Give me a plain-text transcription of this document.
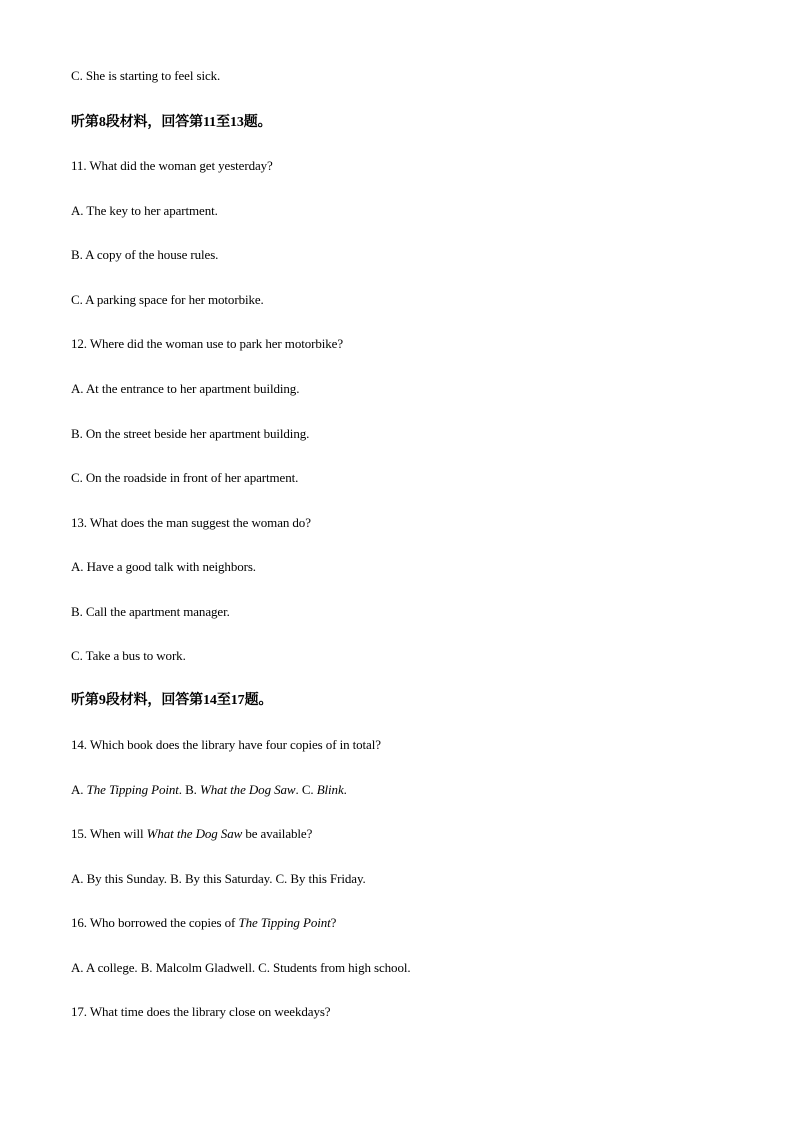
C. She is starting to feel sick.
听第8段材料，回答第11至13题。
11. What did the woman get yesterday?
A. The key to her apartment.
B. A copy of the house rules.
C. A parking space for her motorbike.
12. Where did the woman use to park her motorbike?
A. At the entrance to her apartment building.
B. On the street beside her apartment building.
C. On the roadside in front of her apartment.
13. What does the man suggest the woman do?
A. Have a good talk with neighbors.
B. Call the apartment manager.
C. Take a bus to work.
听第9段材料，回答第14至17题。
14. Which book does the library have four copies of in total?
A. The Tipping Point. B. What the Dog Saw. C. Blink.
15. When will What the Dog Saw be available?
A. By this Sunday. B. By this Saturday. C. By this Friday.
16. Who borrowed the copies of The Tipping Point?
A. A college. B. Malcolm Gladwell. C. Students from high school.
17. What time does the library close on weekdays?
